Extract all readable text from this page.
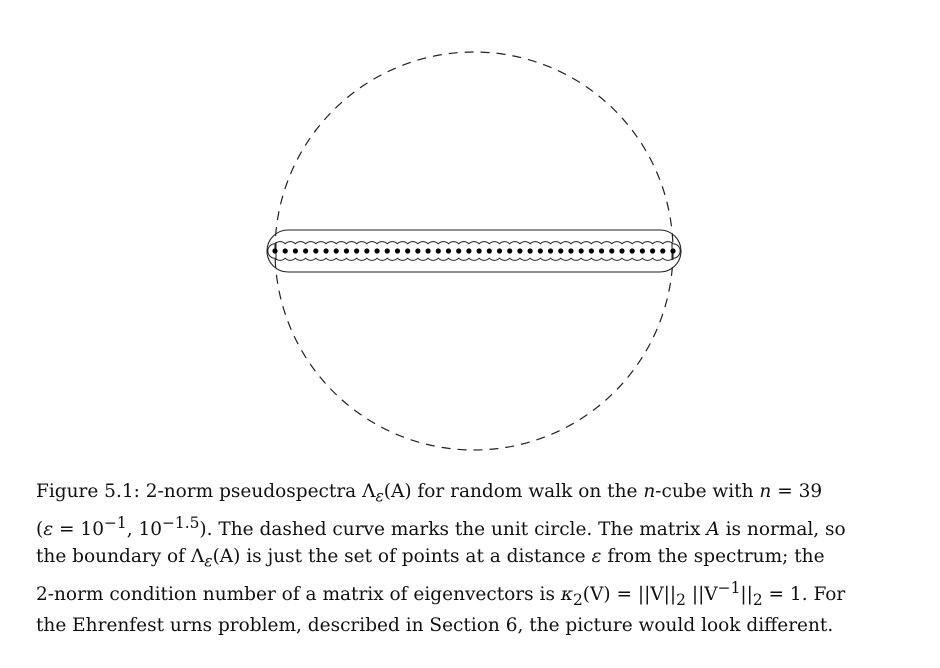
Figure 5.1: 2-norm pseudospectra $\Lambda_\varepsilon(A)$ for random walk on the n-cube with n = 39
($\varepsilon = 10^{-1}$, $10^{-1.5}$). The dashed curve marks the unit circle. The matrix A is normal, so
the boundary of $\Lambda_\varepsilon(A)$ is just the set of points at a distance ε from the spectrum; the
2-norm condition number of a matrix of eigenvectors is $\kappa_2(V) = ||V||_2$ $||V^{-1}||_2 = 1$. For
the Ehrenfest urns problem, described in Section 6, the picture would look different.
